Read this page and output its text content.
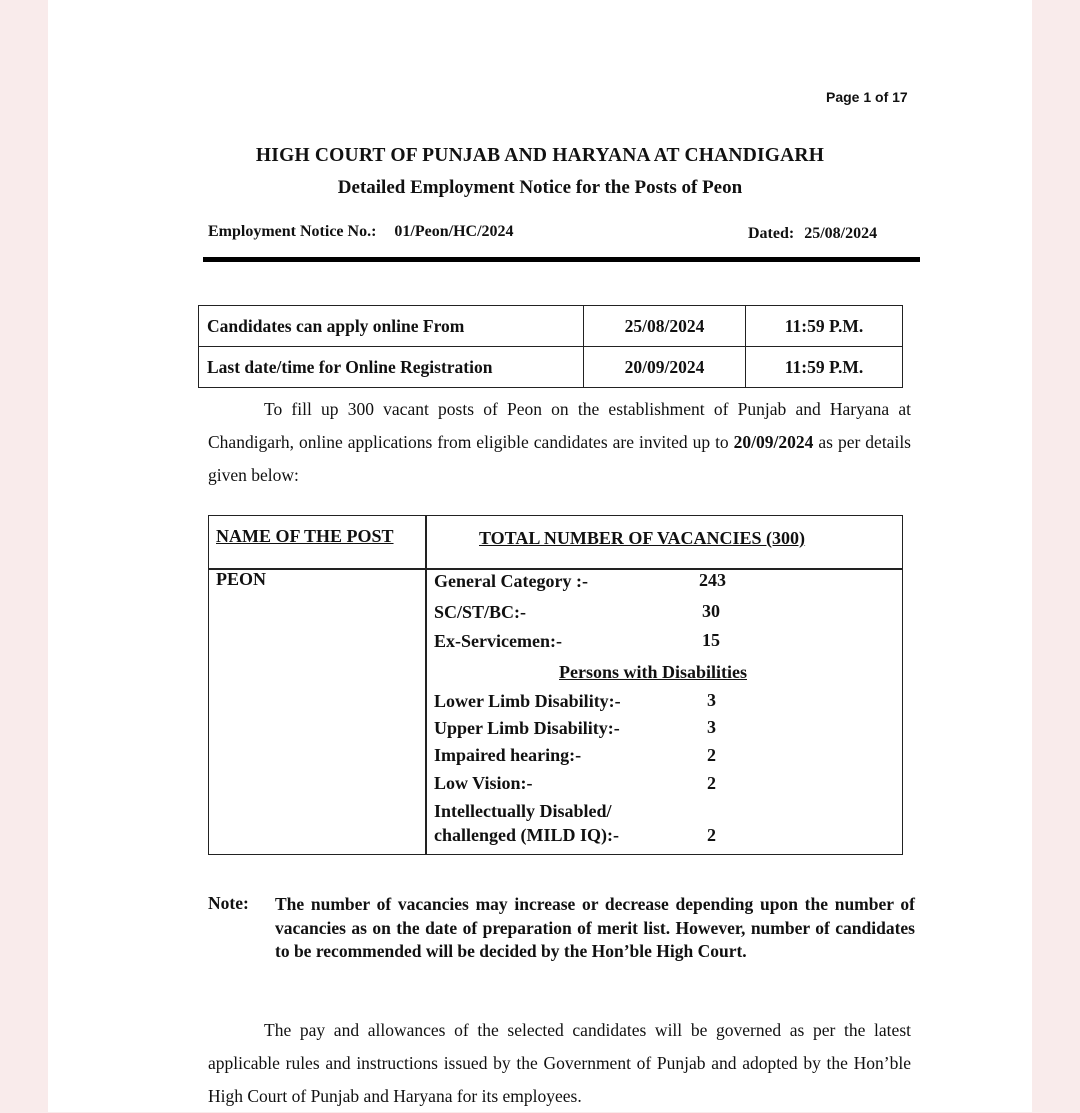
Page 1 of 17
HIGH COURT OF PUNJAB AND HARYANA AT CHANDIGARH
Detailed Employment Notice for the Posts of Peon
Employment Notice No.: 01/Peon/HC/2024	Dated: 25/08/2024
Candidates can apply online From	25/08/2024	11:59 P.M.
Last date/time for Online Registration	20/09/2024	11:59 P.M.
To fill up 300 vacant posts of Peon on the establishment of Punjab and Haryana at Chandigarh, online applications from eligible candidates are invited up to 20/09/2024 as per details given below:
NAME OF THE POST	TOTAL NUMBER OF VACANCIES (300)
PEON	General Category :-	243
SC/ST/BC:-	30
Ex-Servicemen:-	15
Persons with Disabilities
Lower Limb Disability:-	3
Upper Limb Disability:-	3
Impaired hearing:-	2
Low Vision:-	2
Intellectually Disabled/
challenged (MILD IQ):-	2
Note: The number of vacancies may increase or decrease depending upon the number of vacancies as on the date of preparation of merit list. However, number of candidates to be recommended will be decided by the Hon’ble High Court.
The pay and allowances of the selected candidates will be governed as per the latest applicable rules and instructions issued by the Government of Punjab and adopted by the Hon’ble High Court of Punjab and Haryana for its employees.
